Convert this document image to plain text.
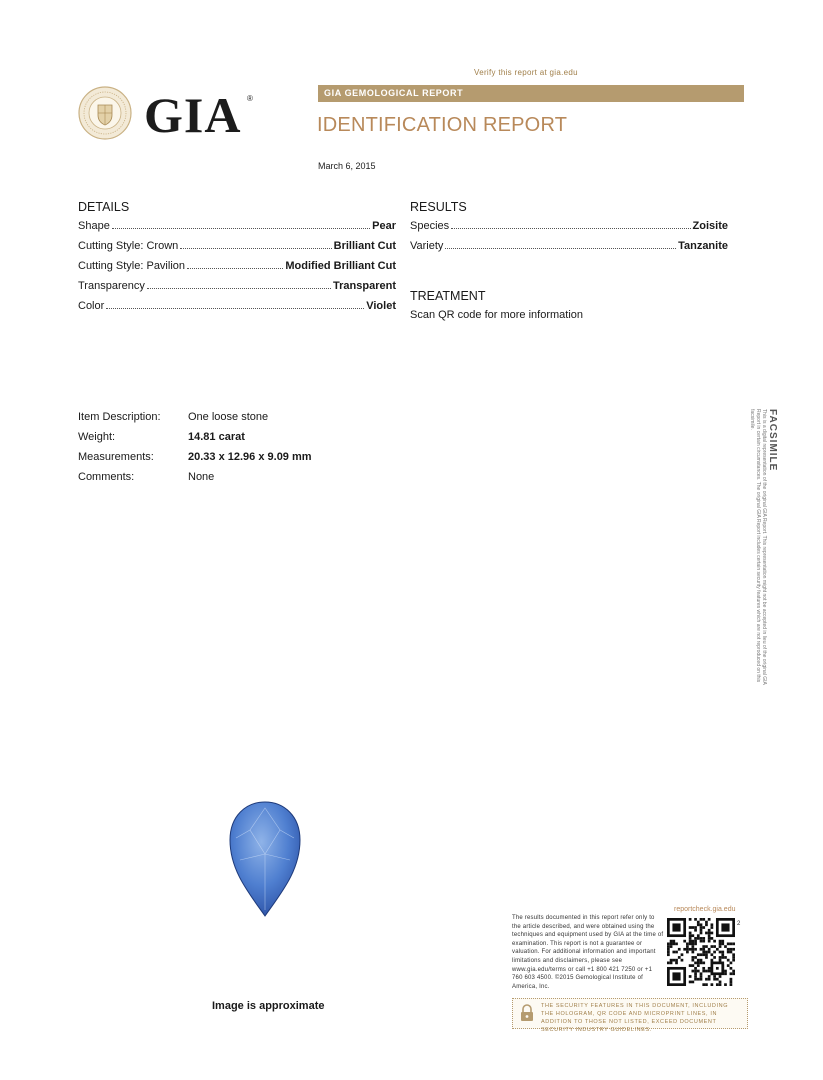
Verify this report at gia.edu
GIA ®
GIA GEMOLOGICAL REPORT
IDENTIFICATION REPORT
March 6, 2015
DETAILS
Shape	Pear
Cutting Style: Crown	Brilliant Cut
Cutting Style: Pavilion	Modified Brilliant Cut
Transparency	Transparent
Color	Violet
RESULTS
Species	Zoisite
Variety	Tanzanite
TREATMENT
Scan QR code for more information
Item Description:	One loose stone
Weight:	14.81 carat
Measurements:	20.33 x 12.96 x 9.09 mm
Comments:	None
FACSIMILE
This is a digital representation of the original GIA Report. This representation might not be accepted in lieu of the original GIA Report in certain circumstances. The original GIA Report includes certain security features which are not reproduced on this facsimile.
Image is approximate
The results documented in this report refer only to the article described, and were obtained using the techniques and equipment used by GIA at the time of examination. This report is not a guarantee or valuation. For additional information and important limitations and disclaimers, please see www.gia.edu/terms or call +1 800 421 7250 or +1 760 603 4500. ©2015 Gemological Institute of America, Inc.
reportcheck.gia.edu
2
THE SECURITY FEATURES IN THIS DOCUMENT, INCLUDING THE HOLOGRAM, QR CODE AND MICROPRINT LINES, IN ADDITION TO THOSE NOT LISTED, EXCEED DOCUMENT SECURITY INDUSTRY GUIDELINES.
